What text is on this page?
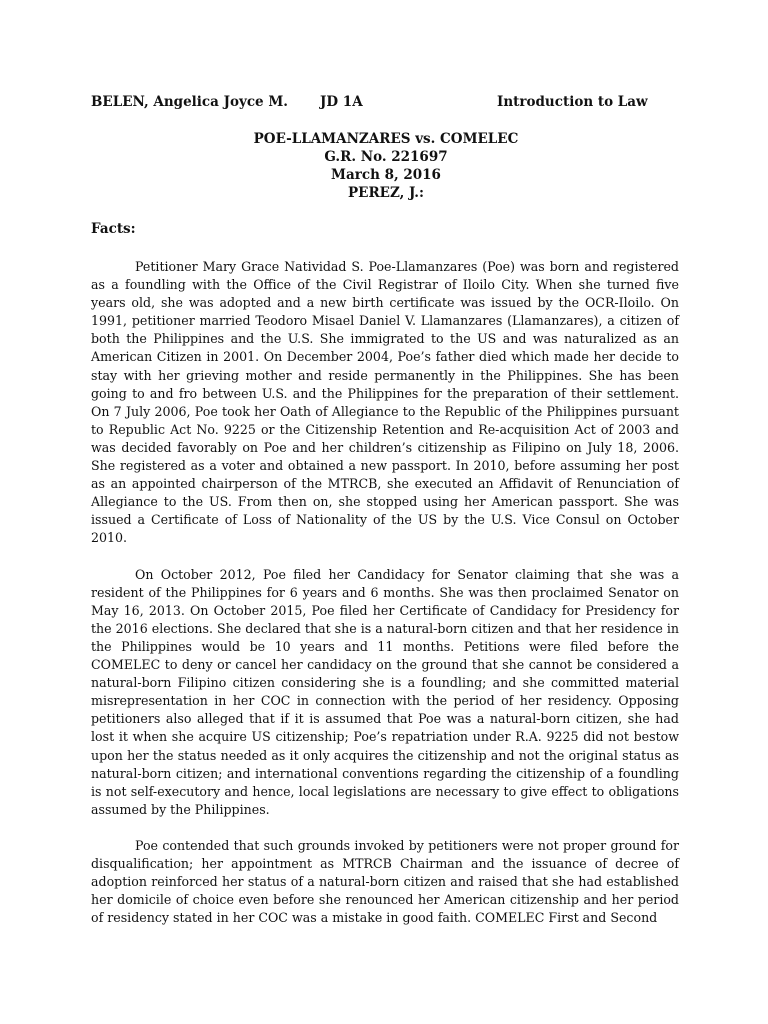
BELEN, Angelica Joyce M. JD 1A	Introduction to Law
POE-LLAMANZARES vs. COMELEC
G.R. No. 221697
March 8, 2016
PEREZ, J.:
Facts:

Petitioner Mary Grace Natividad S. Poe-Llamanzares (Poe) was born and registered as a foundling with the Office of the Civil Registrar of Iloilo City. When she turned five years old, she was adopted and a new birth certificate was issued by the OCR-Iloilo. On 1991, petitioner married Teodoro Misael Daniel V. Llamanzares (Llamanzares), a citizen of both the Philippines and the U.S. She immigrated to the US and was naturalized as an American Citizen in 2001. On December 2004, Poe’s father died which made her decide to stay with her grieving mother and reside permanently in the Philippines. She has been going to and fro between U.S. and the Philippines for the preparation of their settlement. On 7 July 2006, Poe took her Oath of Allegiance to the Republic of the Philippines pursuant to Republic Act No. 9225 or the Citizenship Retention and Re-acquisition Act of 2003 and was decided favorably on Poe and her children’s citizenship as Filipino on July 18, 2006. She registered as a voter and obtained a new passport. In 2010, before assuming her post as an appointed chairperson of the MTRCB, she executed an Affidavit of Renunciation of Allegiance to the US. From then on, she stopped using her American passport. She was issued a Certificate of Loss of Nationality of the US by the U.S. Vice Consul on October 2010.

On October 2012, Poe filed her Candidacy for Senator claiming that she was a resident of the Philippines for 6 years and 6 months. She was then proclaimed Senator on May 16, 2013. On October 2015, Poe filed her Certificate of Candidacy for Presidency for the 2016 elections. She declared that she is a natural-born citizen and that her residence in the Philippines would be 10 years and 11 months. Petitions were filed before the COMELEC to deny or cancel her candidacy on the ground that she cannot be considered a natural-born Filipino citizen considering she is a foundling; and she committed material misrepresentation in her COC in connection with the period of her residency. Opposing petitioners also alleged that if it is assumed that Poe was a natural-born citizen, she had lost it when she acquire US citizenship; Poe’s repatriation under R.A. 9225 did not bestow upon her the status needed as it only acquires the citizenship and not the original status as natural-born citizen; and international conventions regarding the citizenship of a foundling is not self-executory and hence, local legislations are necessary to give effect to obligations assumed by the Philippines.

Poe contended that such grounds invoked by petitioners were not proper ground for disqualification; her appointment as MTRCB Chairman and the issuance of decree of adoption reinforced her status of a natural-born citizen and raised that she had established her domicile of choice even before she renounced her American citizenship and her period of residency stated in her COC was a mistake in good faith. COMELEC First and Second
